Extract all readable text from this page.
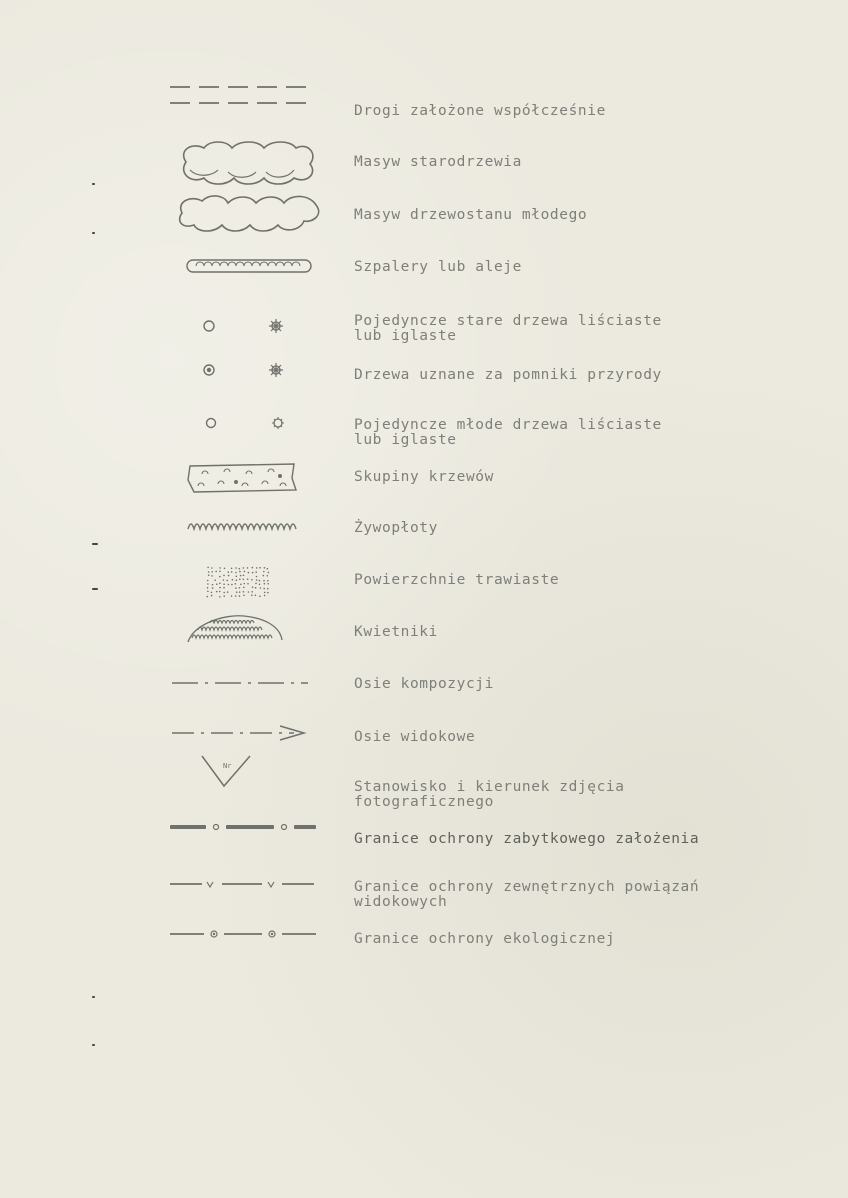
Drogi założone współcześnie
Masyw starodrzewia
Masyw drzewostanu młodego
Szpalery lub aleje
Pojedyncze stare drzewa liściaste
lub iglaste
Drzewa uznane za pomniki przyrody
Pojedyncze młode drzewa liściaste
lub iglaste
Skupiny krzewów
Żywopłoty
Powierzchnie trawiaste
Kwietniki
Osie kompozycji
Osie widokowe
Nr
Stanowisko i kierunek zdjęcia
fotograficznego
Granice ochrony zabytkowego założenia
Granice ochrony zewnętrznych powiązań
widokowych
Granice ochrony ekologicznej
